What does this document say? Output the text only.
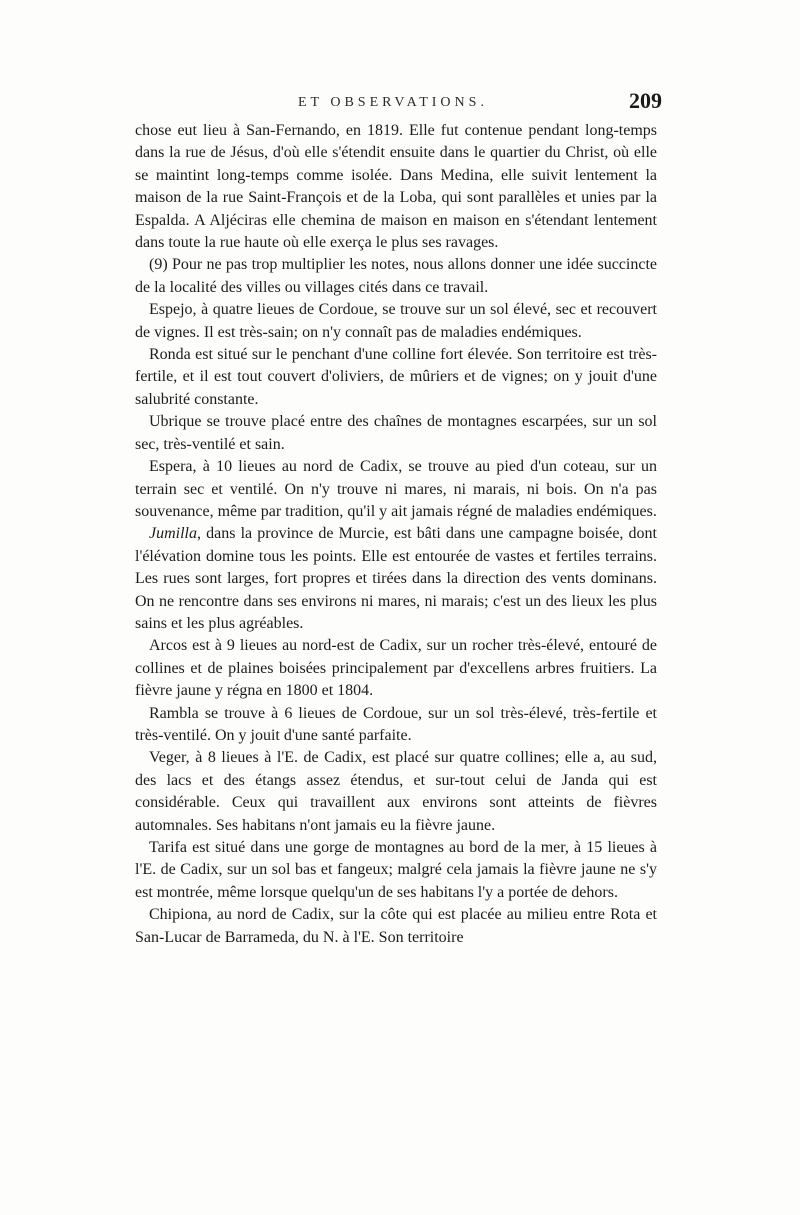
ET OBSERVATIONS.	209

chose eut lieu à San-Fernando, en 1819. Elle fut contenue pendant long-temps dans la rue de Jésus, d'où elle s'étendit ensuite dans le quartier du Christ, où elle se maintint long-temps comme isolée. Dans Medina, elle suivit lentement la maison de la rue Saint-François et de la Loba, qui sont parallèles et unies par la Espalda. A Aljéciras elle chemina de maison en maison en s'étendant lentement dans toute la rue haute où elle exerça le plus ses ravages.

(9) Pour ne pas trop multiplier les notes, nous allons donner une idée succincte de la localité des villes ou villages cités dans ce travail.

Espejo, à quatre lieues de Cordoue, se trouve sur un sol élevé, sec et recouvert de vignes. Il est très-sain; on n'y connaît pas de maladies endémiques.

Ronda est situé sur le penchant d'une colline fort élevée. Son territoire est très-fertile, et il est tout couvert d'oliviers, de mûriers et de vignes; on y jouit d'une salubrité constante.

Ubrique se trouve placé entre des chaînes de montagnes escarpées, sur un sol sec, très-ventilé et sain.

Espera, à 10 lieues au nord de Cadix, se trouve au pied d'un coteau, sur un terrain sec et ventilé. On n'y trouve ni mares, ni marais, ni bois. On n'a pas souvenance, même par tradition, qu'il y ait jamais régné de maladies endémiques.

Jumilla, dans la province de Murcie, est bâti dans une campagne boisée, dont l'élévation domine tous les points. Elle est entourée de vastes et fertiles terrains. Les rues sont larges, fort propres et tirées dans la direction des vents dominans. On ne rencontre dans ses environs ni mares, ni marais; c'est un des lieux les plus sains et les plus agréables.

Arcos est à 9 lieues au nord-est de Cadix, sur un rocher très-élevé, entouré de collines et de plaines boisées principalement par d'excellens arbres fruitiers. La fièvre jaune y régna en 1800 et 1804.

Rambla se trouve à 6 lieues de Cordoue, sur un sol très-élevé, très-fertile et très-ventilé. On y jouit d'une santé parfaite.

Veger, à 8 lieues à l'E. de Cadix, est placé sur quatre collines; elle a, au sud, des lacs et des étangs assez étendus, et sur-tout celui de Janda qui est considérable. Ceux qui travaillent aux environs sont atteints de fièvres automnales. Ses habitans n'ont jamais eu la fièvre jaune.

Tarifa est situé dans une gorge de montagnes au bord de la mer, à 15 lieues à l'E. de Cadix, sur un sol bas et fangeux; malgré cela jamais la fièvre jaune ne s'y est montrée, même lorsque quelqu'un de ses habitans l'y a portée de dehors.

Chipiona, au nord de Cadix, sur la côte qui est placée au milieu entre Rota et San-Lucar de Barrameda, du N. à l'E. Son territoire
